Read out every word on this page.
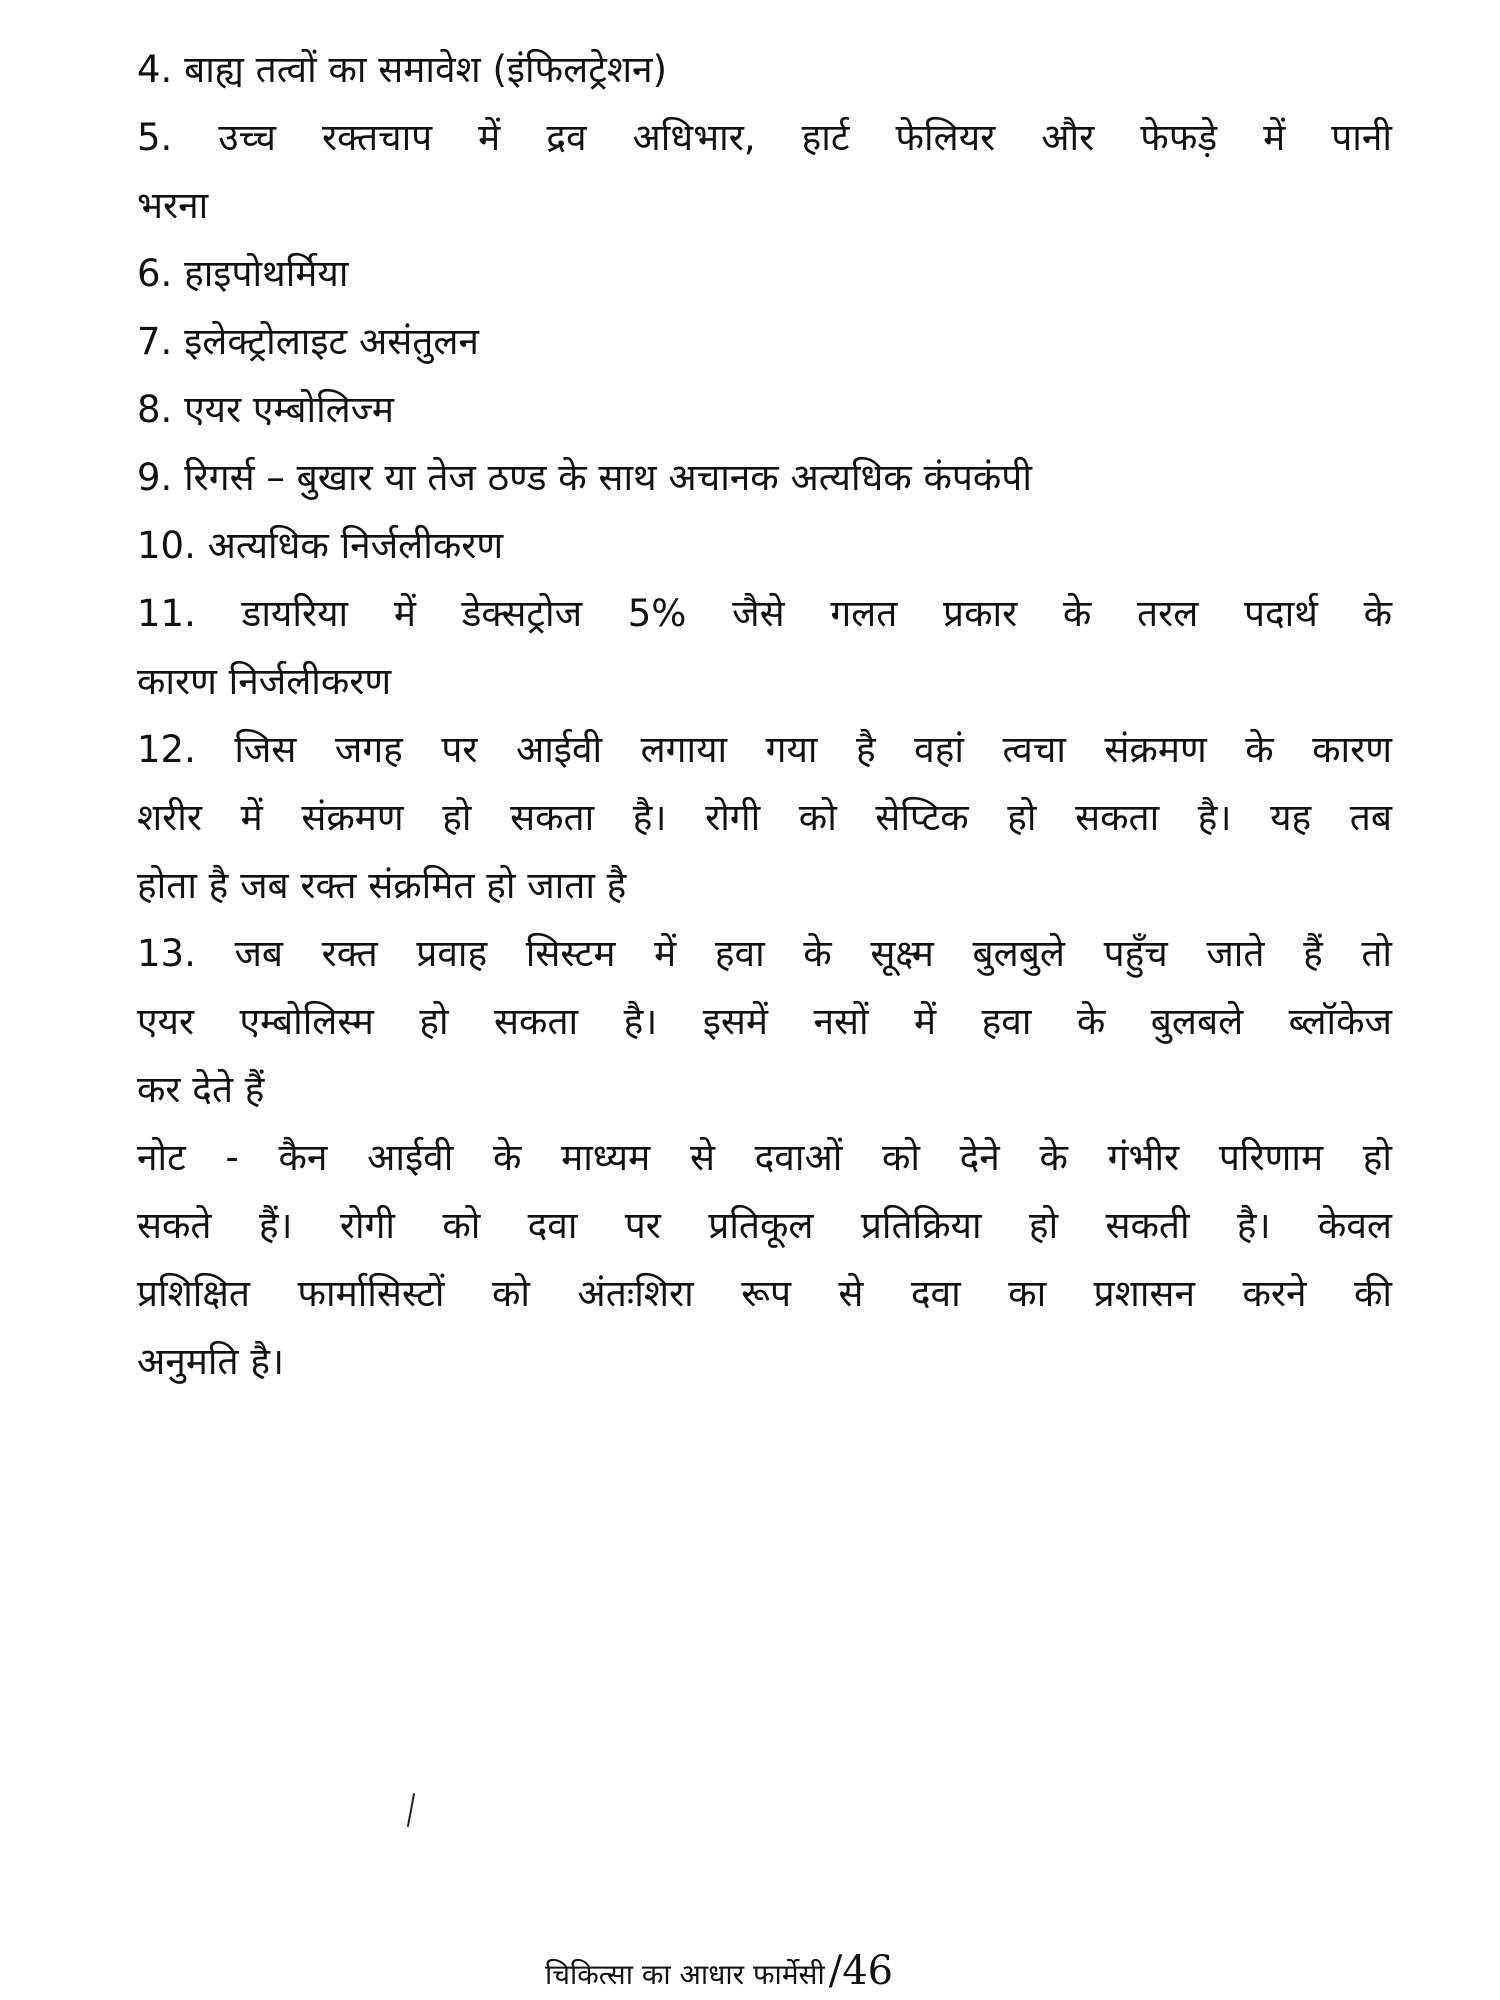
4. बाह्य तत्वों का समावेश (इंफिलट्रेशन)

5. उच्च रक्तचाप में द्रव अधिभार, हार्ट फेलियर और फेफड़े में पानी

भरना

6. हाइपोथर्मिया

7. इलेक्ट्रोलाइट असंतुलन

8. एयर एम्बोलिज्म

9. रिगर्स – बुखार या तेज ठण्ड के साथ अचानक अत्यधिक कंपकंपी

10. अत्यधिक निर्जलीकरण

11. डायरिया में डेक्सट्रोज 5% जैसे गलत प्रकार के तरल पदार्थ के

कारण निर्जलीकरण

12. जिस जगह पर आईवी लगाया गया है वहां त्वचा संक्रमण के कारण

शरीर में संक्रमण हो सकता है। रोगी को सेप्टिक हो सकता है। यह तब

होता है जब रक्त संक्रमित हो जाता है

13. जब रक्त प्रवाह सिस्टम में हवा के सूक्ष्म बुलबुले पहुँच जाते हैं तो

एयर एम्बोलिस्म हो सकता है। इसमें नसों में हवा के बुलबले ब्लॉकेज

कर देते हैं

नोट - कैन आईवी के माध्यम से दवाओं को देने के गंभीर परिणाम हो

सकते हैं। रोगी को दवा पर प्रतिकूल प्रतिक्रिया हो सकती है। केवल

प्रशिक्षित फार्मासिस्टों को अंतःशिरा रूप से दवा का प्रशासन करने की

अनुमति है।

चिकित्सा का आधार फार्मेसी /46
